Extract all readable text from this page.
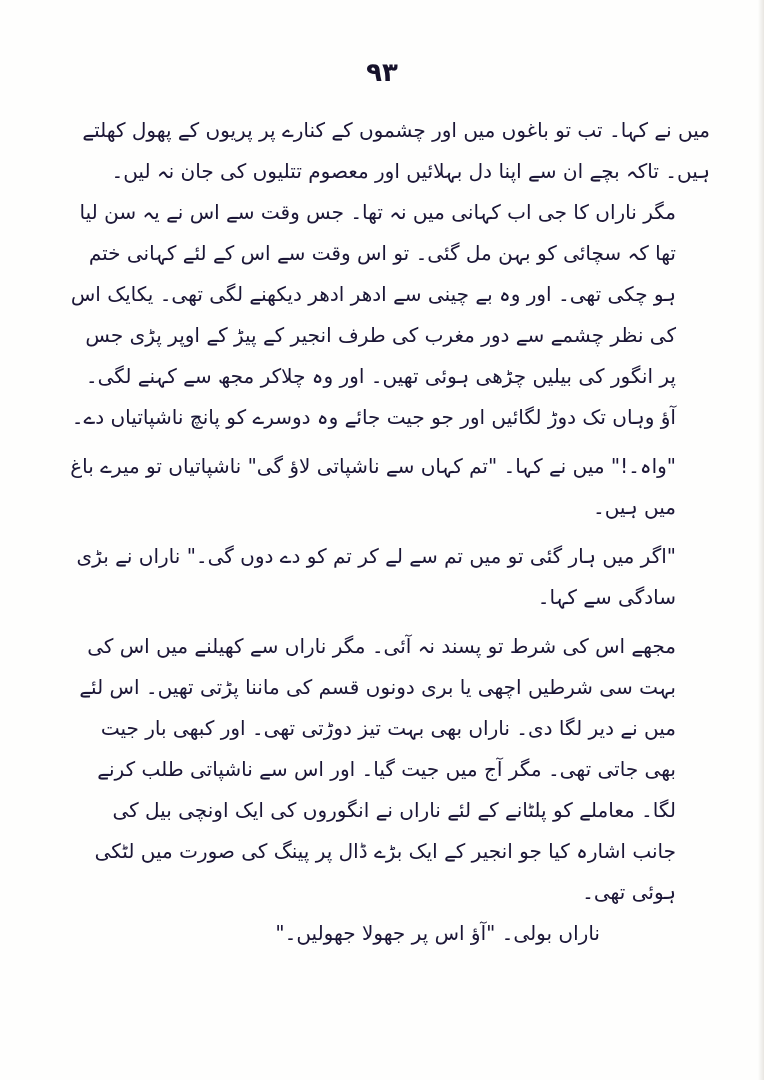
۹۳

میں نے کہا۔ تب تو باغوں میں اور چشموں کے کنارے پر پریوں کے پھول کھلتے ہیں۔ تاکہ بچے ان سے اپنا دل بہلائیں اور معصوم تتلیوں کی جان نہ لیں۔

مگر ناراں کا جی اب کہانی میں نہ تھا۔ جس وقت سے اس نے یہ سن لیا تھا کہ سچائی کو بہن مل گئی۔ تو اس وقت سے اس کے لئے کہانی ختم ہو چکی تھی۔ اور وہ بے چینی سے ادھر ادھر دیکھنے لگی تھی۔ یکایک اس کی نظر چشمے سے دور مغرب کی طرف انجیر کے پیڑ کے اوپر پڑی جس پر انگور کی بیلیں چڑھی ہوئی تھیں۔ اور وہ چلاکر مجھ سے کہنے لگی۔ آؤ وہاں تک دوڑ لگائیں اور جو جیت جائے وہ دوسرے کو پانچ ناشپاتیاں دے۔

"واہ۔!" میں نے کہا۔ "تم کہاں سے ناشپاتی لاؤ گی" ناشپاتیاں تو میرے باغ میں ہیں۔

"اگر میں ہار گئی تو میں تم سے لے کر تم کو دے دوں گی۔" ناراں نے بڑی سادگی سے کہا۔

مجھے اس کی شرط تو پسند نہ آئی۔ مگر ناراں سے کھیلنے میں اس کی بہت سی شرطیں اچھی یا بری دونوں قسم کی ماننا پڑتی تھیں۔ اس لئے میں نے دیر لگا دی۔ ناراں بھی بہت تیز دوڑتی تھی۔ اور کبھی بار جیت بھی جاتی تھی۔ مگر آج میں جیت گیا۔ اور اس سے ناشپاتی طلب کرنے لگا۔ معاملے کو پلٹانے کے لئے ناراں نے انگوروں کی ایک اونچی بیل کی جانب اشارہ کیا جو انجیر کے ایک بڑے ڈال پر پینگ کی صورت میں لٹکی ہوئی تھی۔

ناراں بولی۔ "آؤ اس پر جھولا جھولیں۔"
